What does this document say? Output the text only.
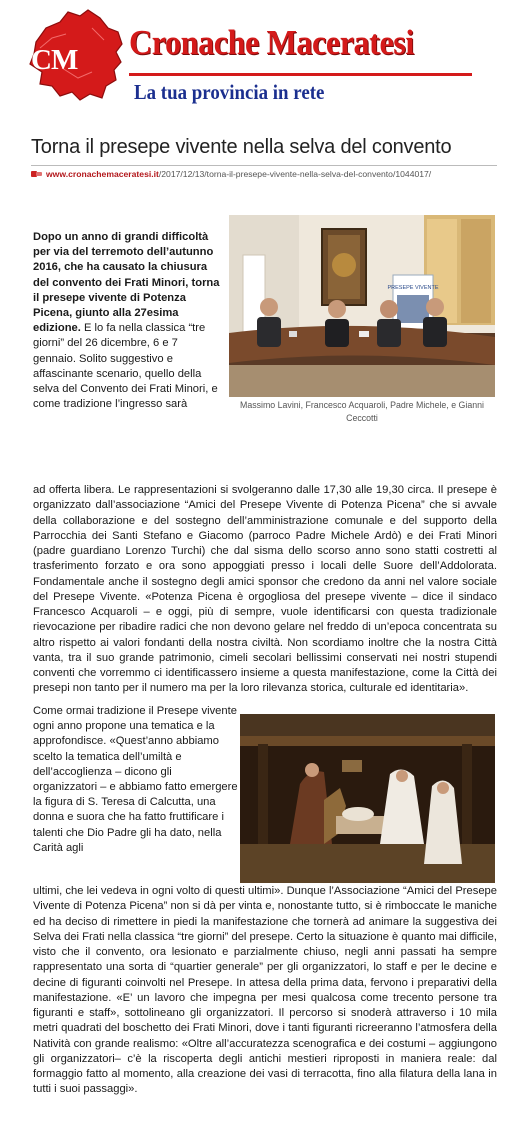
CM Cronache Maceratesi
La tua provincia in rete
Torna il presepe vivente nella selva del convento
www.cronachemaceratesi.it /2017/12/13/torna-il-presepe-vivente-nella-selva-del-convento/1044017/
Dopo un anno di grandi difficoltà per via del terremoto dell’autunno 2016, che ha causato la chiusura del convento dei Frati Minori, torna il presepe vivente di Potenza Picena, giunto alla 27esima edizione. E lo fa nella classica “tre giorni” del 26 dicembre, 6 e 7 gennaio. Solito suggestivo e affascinante scenario, quello della selva del Convento dei Frati Minori, e come tradizione l’ingresso sarà
PRESEPE VIVENTE
Massimo Lavini, Francesco Acquaroli, Padre Michele, e Gianni Ceccotti
ad offerta libera. Le rappresentazioni si svolgeranno dalle 17,30 alle 19,30 circa. Il presepe è organizzato dall’associazione “Amici del Presepe Vivente di Potenza Picena” che si avvale della collaborazione e del sostegno dell’amministrazione comunale e del supporto della Parrocchia dei Santi Stefano e Giacomo (parroco Padre Michele Ardò) e dei Frati Minori (padre guardiano Lorenzo Turchi) che dal sisma dello scorso anno sono statti costretti al trasferimento forzato e ora sono appoggiati presso i locali delle Suore dell’Addolorata. Fondamentale anche il sostegno degli amici sponsor che credono da anni nel valore sociale del Presepe Vivente. «Potenza Picena è orgogliosa del presepe vivente – dice il sindaco Francesco Acquaroli – e oggi, più di sempre, vuole identificarsi con questa tradizionale rievocazione per ribadire radici che non devono gelare nel freddo di un’epoca concentrata su altro rispetto ai valori fondanti della nostra civiltà. Non scordiamo inoltre che la nostra Città vanta, tra il suo grande patrimonio, cimeli secolari bellissimi conservati nei nostri stupendi conventi che vorremmo ci identificassero insieme a questa manifestazione, come la Città dei presepi non tanto per il numero ma per la loro rilevanza storica, culturale ed identitaria».
Come ormai tradizione il Presepe vivente ogni anno propone una tematica e la approfondisce. «Quest’anno abbiamo scelto la tematica dell’umiltà e dell’accoglienza – dicono gli organizzatori – e abbiamo fatto emergere la figura di S. Teresa di Calcutta, una donna e suora che ha fatto fruttificare i talenti che Dio Padre gli ha dato, nella Carità agli
ultimi, che lei vedeva in ogni volto di questi ultimi». Dunque l’Associazione “Amici del Presepe Vivente di Potenza Picena” non si dà per vinta e, nonostante tutto, si è rimboccate le maniche ed ha deciso di rimettere in piedi la manifestazione che tornerà ad animare la suggestiva dei Selva dei Frati nella classica “tre giorni” del presepe. Certo la situazione è quanto mai difficile, visto che il convento, ora lesionato e parzialmente chiuso, negli anni passati ha sempre rappresentato una sorta di “quartier generale” per gli organizzatori, lo staff e per le decine e decine di figuranti coinvolti nel Presepe. In attesa della prima data, fervono i preparativi della manifestazione. «E’ un lavoro che impegna per mesi qualcosa come trecento persone tra figuranti e staff», sottolineano gli organizzatori. Il percorso si snoderà attraverso i 10 mila metri quadrati del boschetto dei Frati Minori, dove i tanti figuranti ricreeranno l’atmosfera della Natività con grande realismo: «Oltre all’accuratezza scenografica e dei costumi – aggiungono gli organizzatori– c’è la riscoperta degli antichi mestieri riproposti in maniera reale: dal formaggio fatto al momento, alla creazione dei vasi di terracotta, fino alla filatura della lana in tutti i suoi passaggi».
